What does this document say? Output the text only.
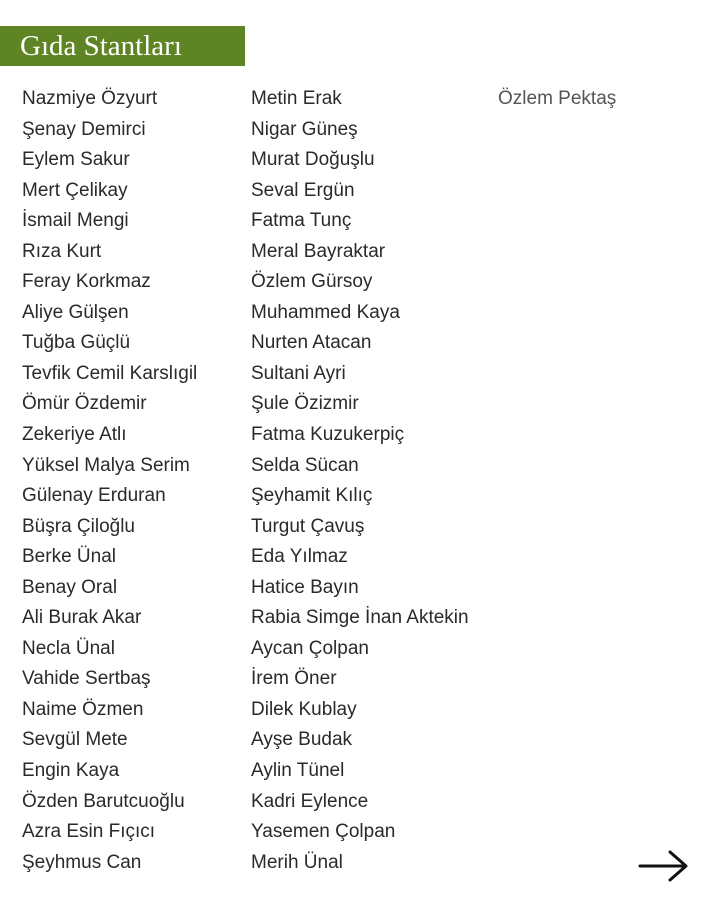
Gıda Stantları
Nazmiye Özyurt
Şenay Demirci
Eylem Sakur
Mert Çelikay
İsmail Mengi
Rıza Kurt
Feray Korkmaz
Aliye Gülşen
Tuğba Güçlü
Tevfik Cemil Karslıgil
Ömür Özdemir
Zekeriye Atlı
Yüksel Malya Serim
Gülenay Erduran
Büşra Çiloğlu
Berke Ünal
Benay Oral
Ali Burak Akar
Necla Ünal
Vahide Sertbaş
Naime Özmen
Sevgül Mete
Engin Kaya
Özden Barutcuoğlu
Azra Esin Fıçıcı
Şeyhmus Can
Metin Erak
Nigar Güneş
Murat Doğuşlu
Seval Ergün
Fatma Tunç
Meral Bayraktar
Özlem Gürsoy
Muhammed Kaya
Nurten Atacan
Sultani Ayri
Şule Özizmir
Fatma Kuzukerpiç
Selda Sücan
Şeyhamit Kılıç
Turgut Çavuş
Eda Yılmaz
Hatice Bayın
Rabia Simge İnan Aktekin
Aycan Çolpan
İrem Öner
Dilek Kublay
Ayşe Budak
Aylin Tünel
Kadri Eylence
Yasemen Çolpan
Merih Ünal
Özlem Pektaş
